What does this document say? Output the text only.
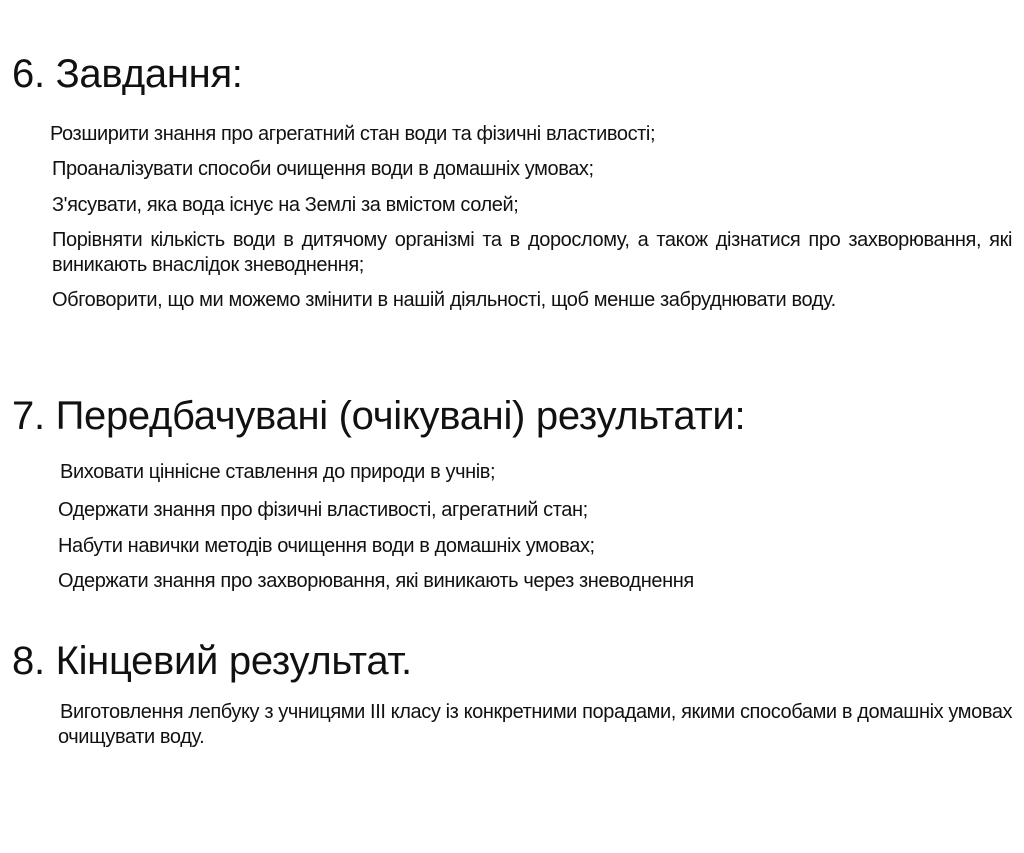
6. Завдання:

Розширити знання про агрегатний стан води та фізичні властивості;

Проаналізувати способи очищення води в домашніх умовах;

З'ясувати, яка вода існує на Землі за вмістом солей;

Порівняти кількість води в дитячому організмі та в дорослому, а також дізнатися про захворювання, які виникають внаслідок зневоднення;

Обговорити, що ми можемо змінити в нашій діяльності, щоб менше забруднювати воду.

7. Передбачувані (очікувані) результати:

Виховати ціннісне ставлення до природи в учнів;

Одержати знання про фізичні властивості, агрегатний стан;

Набути навички методів очищення води в домашніх умовах;

Одержати знання про захворювання, які виникають через зневоднення

8. Кінцевий результат.

Виготовлення лепбуку з учницями ІІІ класу із конкретними порадами, якими способами в домашніх умовах очищувати воду.
